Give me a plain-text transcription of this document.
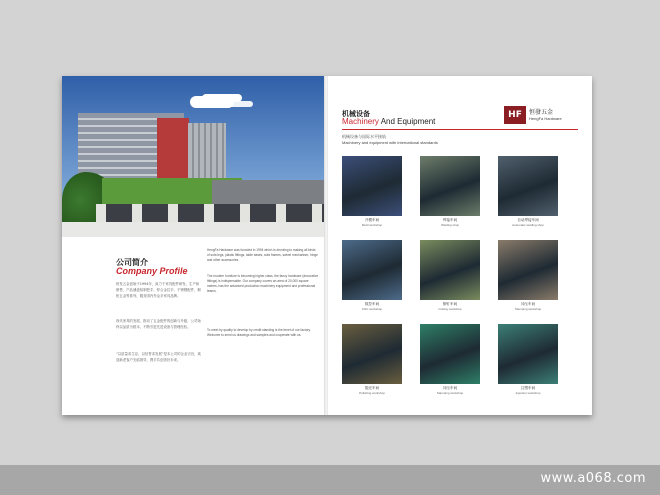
公司简介
Company Profile
恒发五金创始于1994年，致力于家具配件研发、生产和销售，产品涵盖铝制把手、锌合金拉手、不锈钢配件、橱柜五金等系列，服务国内外众多家具品牌。
现代家具的发展，推动了五金配件的创新与升级，公司始终以品质为根本，不断引进先进设备与管理经验。
“以质量求生存，以信誉求发展”是本公司的企业宗旨，欢迎新老客户光临指导，携手共创美好未来。
HengFa Hardware was founded in 1994 which is devoting to making all kinds of sofa legs, plastic fittings, table bases, sofa frames, swivel mechanism, hinge and other accessories.
The modern furniture is becoming higher class, the fancy hardware (decorative fittings) is indispensable. Our company covers an area of 20,000 square meters, has the advanced production machinery equipment and professional teams.
To meet by quality to develop by credit standing is the tenet of our factory. Welcome to send us drawings and samples and cooperate with us.
机械设备
Machinery And Equipment
机械设备与国际水平接轨
Machinery and equipment with international standards
HF	恒發五金
HengFa Hardware
开模车间
Mold workshop
焊接车间
Welding shop
自动焊接车间
Automatic welding shop
数控车间
CNC workshop
铆钉车间
Cutting workshop
冲压车间
Stamping workshop
抛光车间
Polishing workshop
冲压车间
Stamping workshop
注塑车间
Injection workshop
www.a068.com
